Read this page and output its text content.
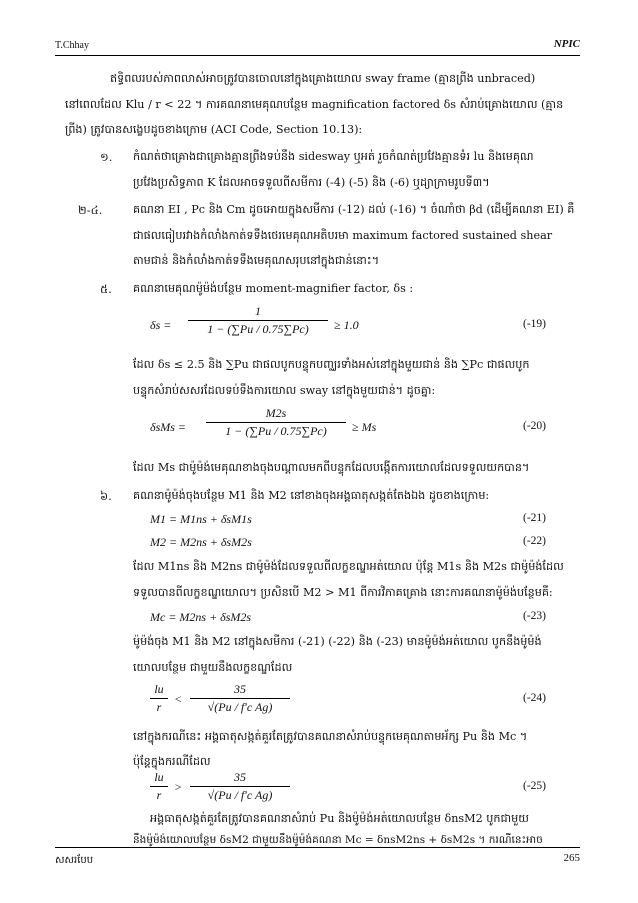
T.Chhay	NPIC
ឥទ្ធិពលរបស់ភាពលាស់អាចត្រូវបានចោលនៅក្នុងគ្រោងយោល sway frame (គ្មានព្រីង unbraced)
នៅពេលដែល Klu / r < 22 ។ ការគណនាមេគុណបន្ថែម magnification factored δs សំរាប់គ្រោងយោល (គ្មាន
ព្រីង) ត្រូវបានសង្ខេបដូចខាងក្រោម (ACI Code, Section 10.13):
១. កំណត់ថាគ្រោងជាគ្រោងគ្មានព្រីងទប់នឹង sidesway ឬអត់ រួចកំណត់ប្រវែងគ្មានទំរ lu និងមេគុណ
ប្រវែងប្រសិទ្ធភាព K ដែលអាចទទួលពីសមីការ (-4) (-5) និង (-6) ឬដ្យាក្រាមរូបទី៣។
២-៤.	គណនា EI , Pc និង Cm ដូចអោយក្នុងសមីការ (-12) ដល់ (-16) ។ ចំណាំថា βd (ដើម្បីគណនា EI) គឺ
ជាផលធៀបរវាងកំលាំងកាត់ទទឹងថេរមេគុណអតិបរមា maximum factored sustained shear
តាមជាន់ និងកំលាំងកាត់ទទឹងមេគុណសរុបនៅក្នុងជាន់នោះ។
៥. គណនាមេគុណម៉ូម៉ង់បន្ថែម moment-magnifier factor, δs :
$\delta s = \frac{1}{1 - (\sum Pu / 0.75\sum Pc)} \ge 1.0$	(-19)
ដែល δs ≤ 2.5 និង ∑Pu ជាផលបូកបន្ទុកបញ្ឈរទាំងអស់នៅក្នុងមួយជាន់ និង ∑Pc ជាផលបូក
បន្ទុកសំរាប់សសរដែលទប់ទឹងការយោល sway នៅក្នុងមួយជាន់។ ដូចគ្នា:
$\delta sMs = \frac{M2s}{1 - (\sum Pu / 0.75\sum Pc)} \ge Ms$	(-20)
ដែល Ms ជាម៉ូម៉ង់មេគុណខាងចុងបណ្តាលមកពីបន្ទុកដែលបង្កើតការយោលដែលទទួលយកបាន។
៦. គណនាម៉ូម៉ង់ចុងបន្ថែម M1 និង M2 នៅខាងចុងអង្គធាតុសង្កត់តែងឯង ដូចខាងក្រោម:
M1 = M1ns + δsM1s	(-21)
M2 = M2ns + δsM2s	(-22)
ដែល M1ns និង M2ns ជាម៉ូម៉ង់ដែលទទួលពីលក្ខខណ្ឌអត់យោល ប៉ុន្តែ M1s និង M2s ជាម៉ូម៉ង់ដែល
ទទួលបានពីលក្ខខណ្ឌយោល។ ប្រសិនបើ M2 > M1 ពីការវិភាគគ្រោង នោះការគណនាម៉ូម៉ង់បន្ថែមគឺ:
Mc = M2ns + δsM2s	(-23)
ម៉ូម៉ង់ចុង M1 និង M2 នៅក្នុងសមីការ (-21) (-22) និង (-23) មានម៉ូម៉ង់អត់យោល បូកនឹងម៉ូម៉ង់
យោលបន្ថែម ជាមួយនឹងលក្ខខណ្ឌដែល
$\frac{lu}{r} < \frac{35}{\text{√(Pu / f′c Ag)}}$	(-24)
នៅក្នុងករណីនេះ អង្គធាតុសង្កត់គួរតែត្រូវបានគណនាសំរាប់បន្ទុកមេគុណតាមអ័ក្ស Pu និង Mc ។
ប៉ុន្តែក្នុងករណីដែល
$\frac{lu}{r} > \frac{35}{\text{√(Pu / f′c Ag)}}$	(-25)
អង្គធាតុសង្កត់គួរតែត្រូវបានគណនាសំរាប់ Pu និងម៉ូម៉ង់អត់យោលបន្ថែម δnsM2 បូកជាមួយ
នឹងម៉ូម៉ង់យោលបន្ថែម δsM2 ជាមួយនឹងម៉ូម៉ង់គណនា Mc = δnsM2ns + δsM2s ។ ករណីនេះអាច
សសរបែប	265
